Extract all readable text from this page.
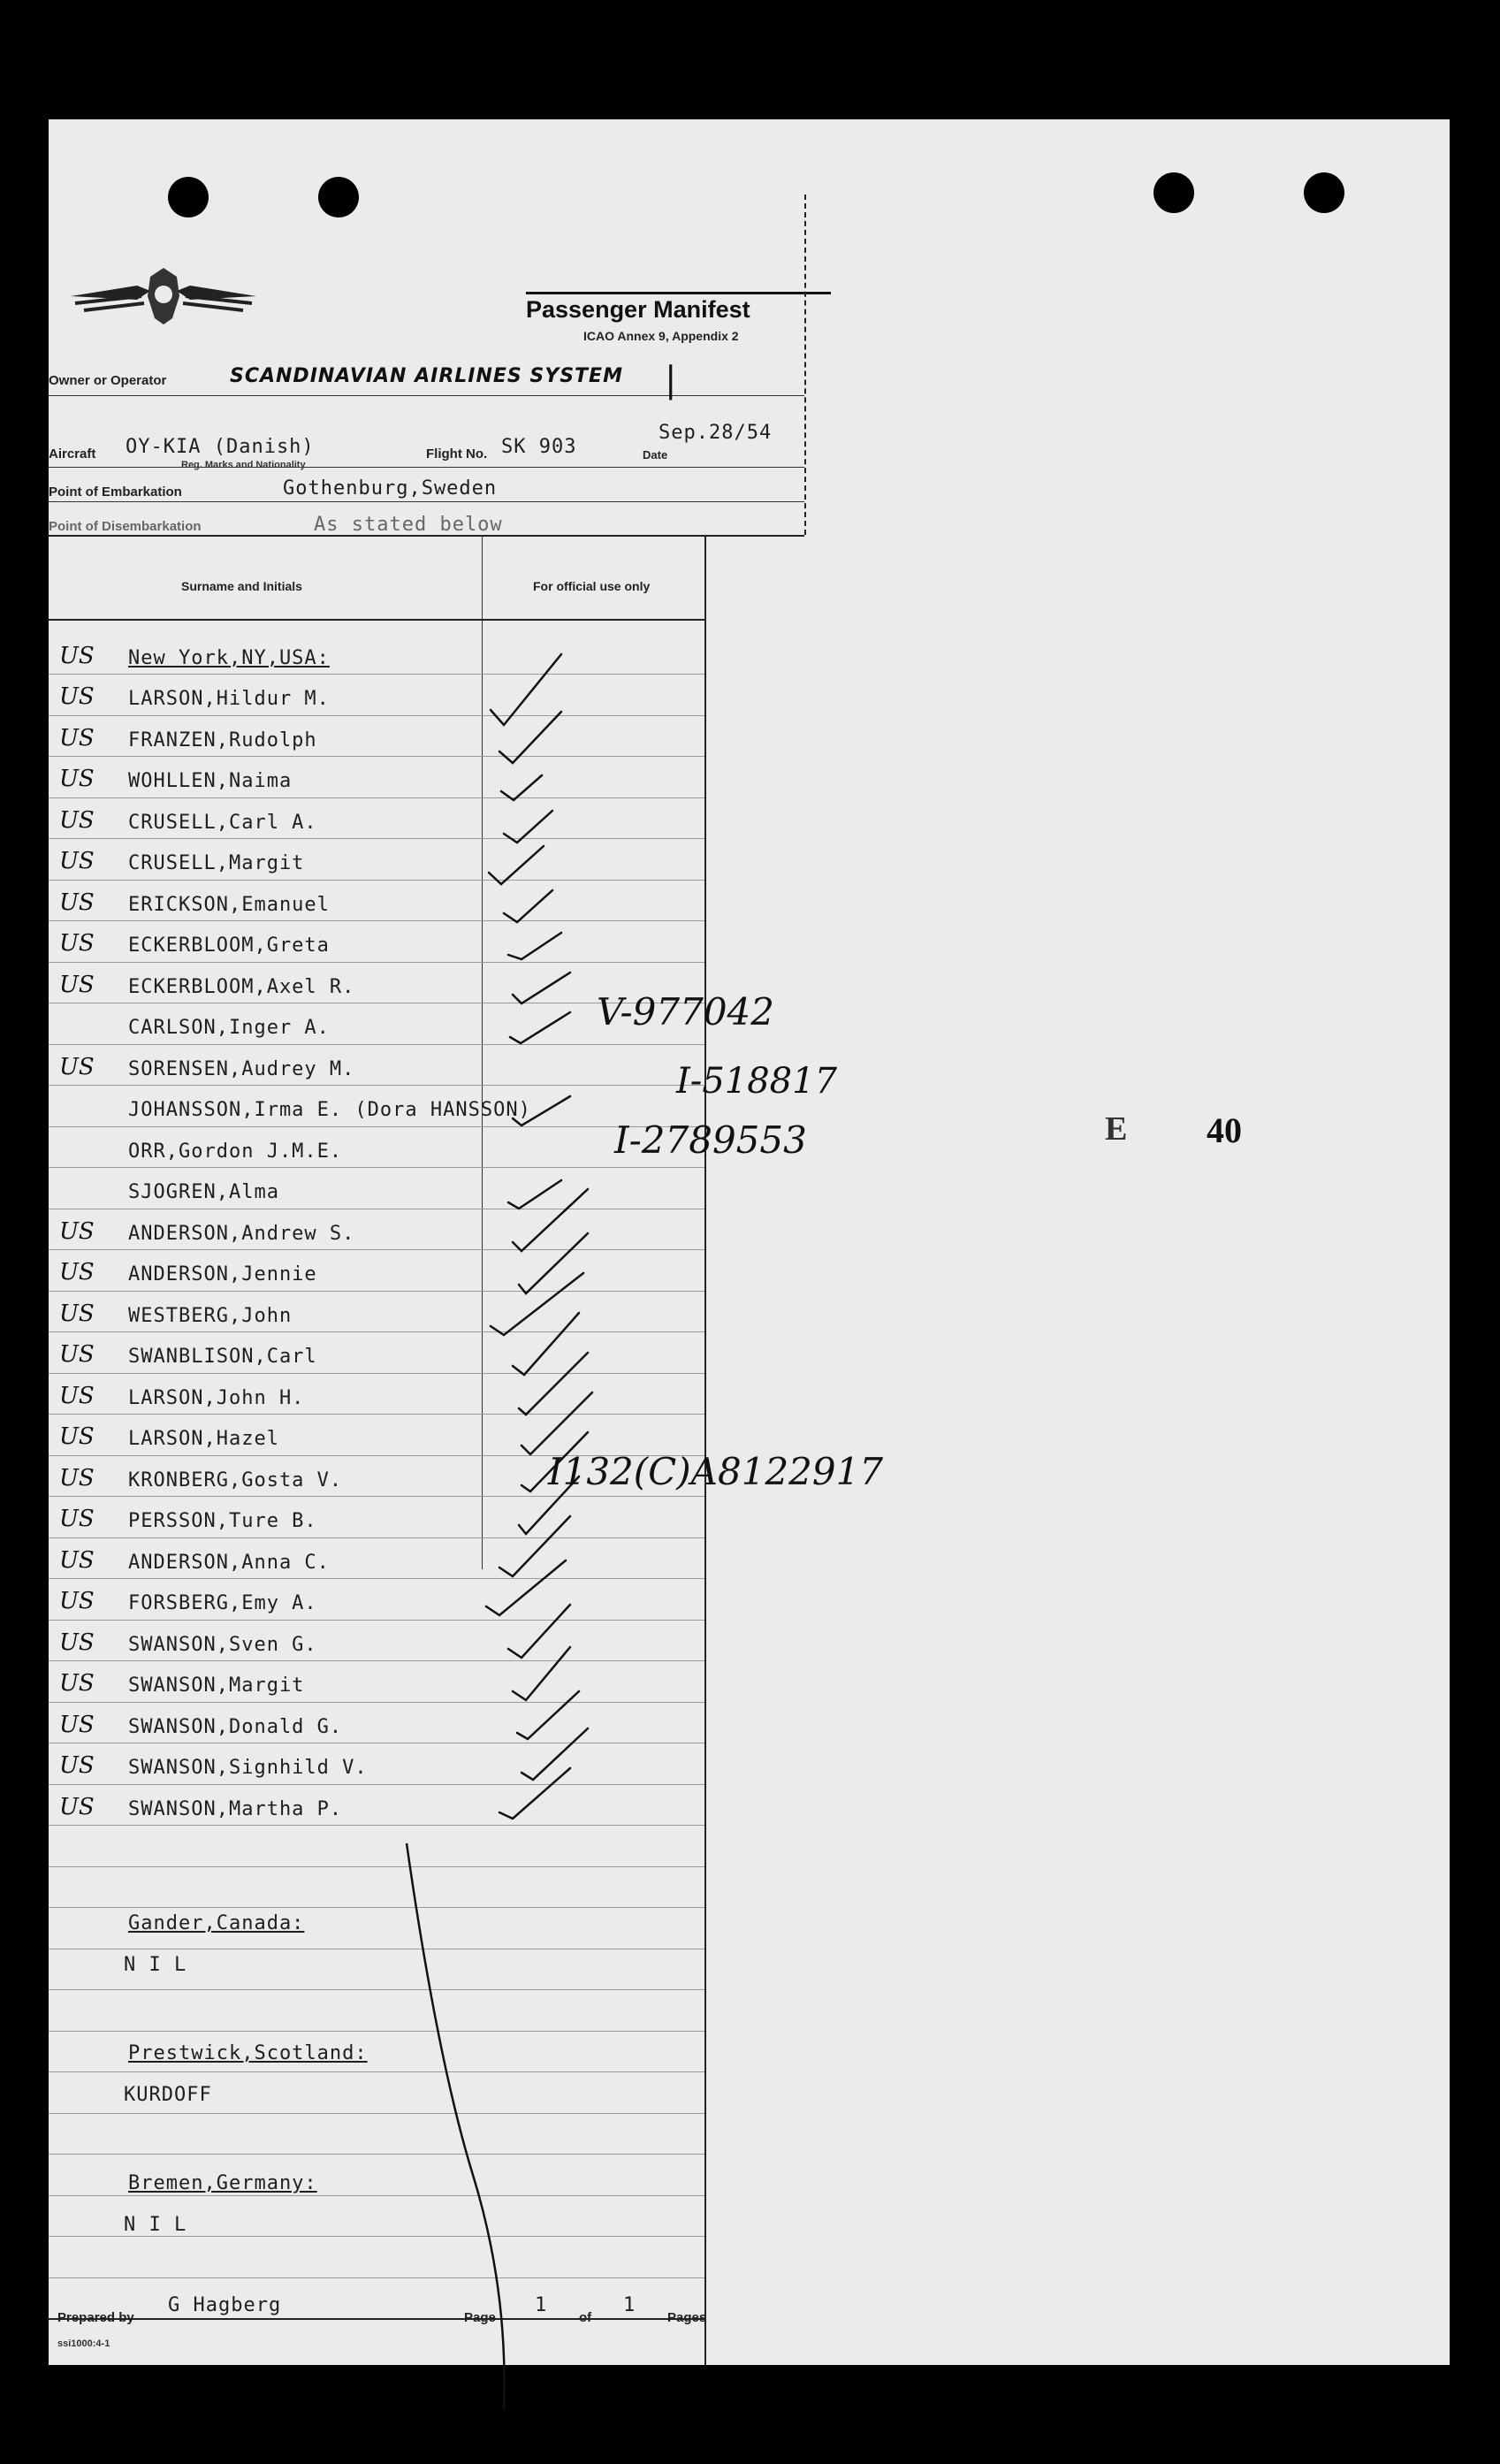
Passenger Manifest
ICAO Annex 9, Appendix 2
Owner or Operator	SCANDINAVIAN AIRLINES SYSTEM |
Aircraft OY-KIA (Danish)
Reg. Marks and Nationality
Flight No. SK 903	Date
Sep.28/54
Point of Embarkation	Gothenburg,Sweden
Point of Disembarkation	As stated below
Surname and Initials	For official use only
US New York,NY,USA:
US LARSON,Hildur M.
US FRANZEN,Rudolph
US WOHLLEN,Naima
US CRUSELL,Carl A.
US CRUSELL,Margit
US ERICKSON,Emanuel
US ECKERBLOOM,Greta
US ECKERBLOOM,Axel R.
CARLSON,Inger A.
US SORENSEN,Audrey M.
JOHANSSON,Irma E. (Dora HANSSON)
ORR,Gordon J.M.E.
SJOGREN,Alma
US ANDERSON,Andrew S.
US ANDERSON,Jennie
US WESTBERG,John
US SWANBLISON,Carl
US LARSON,John H.
US LARSON,Hazel
US KRONBERG,Gosta V.
US PERSSON,Ture B.
US ANDERSON,Anna C.
US FORSBERG,Emy A.
US SWANSON,Sven G.
US SWANSON,Margit
US SWANSON,Donald G.
US SWANSON,Signhild V.
US SWANSON,Martha P.
V-977042
I-518817
I-2789553
I132(C)A8122917
E 40
Gander,Canada:
N I L
Prestwick,Scotland:
KURDOFF
Bremen,Germany:
N I L
Prepared by
G Hagberg
Page
1
of
1
Pages
ssi1000:4-1
